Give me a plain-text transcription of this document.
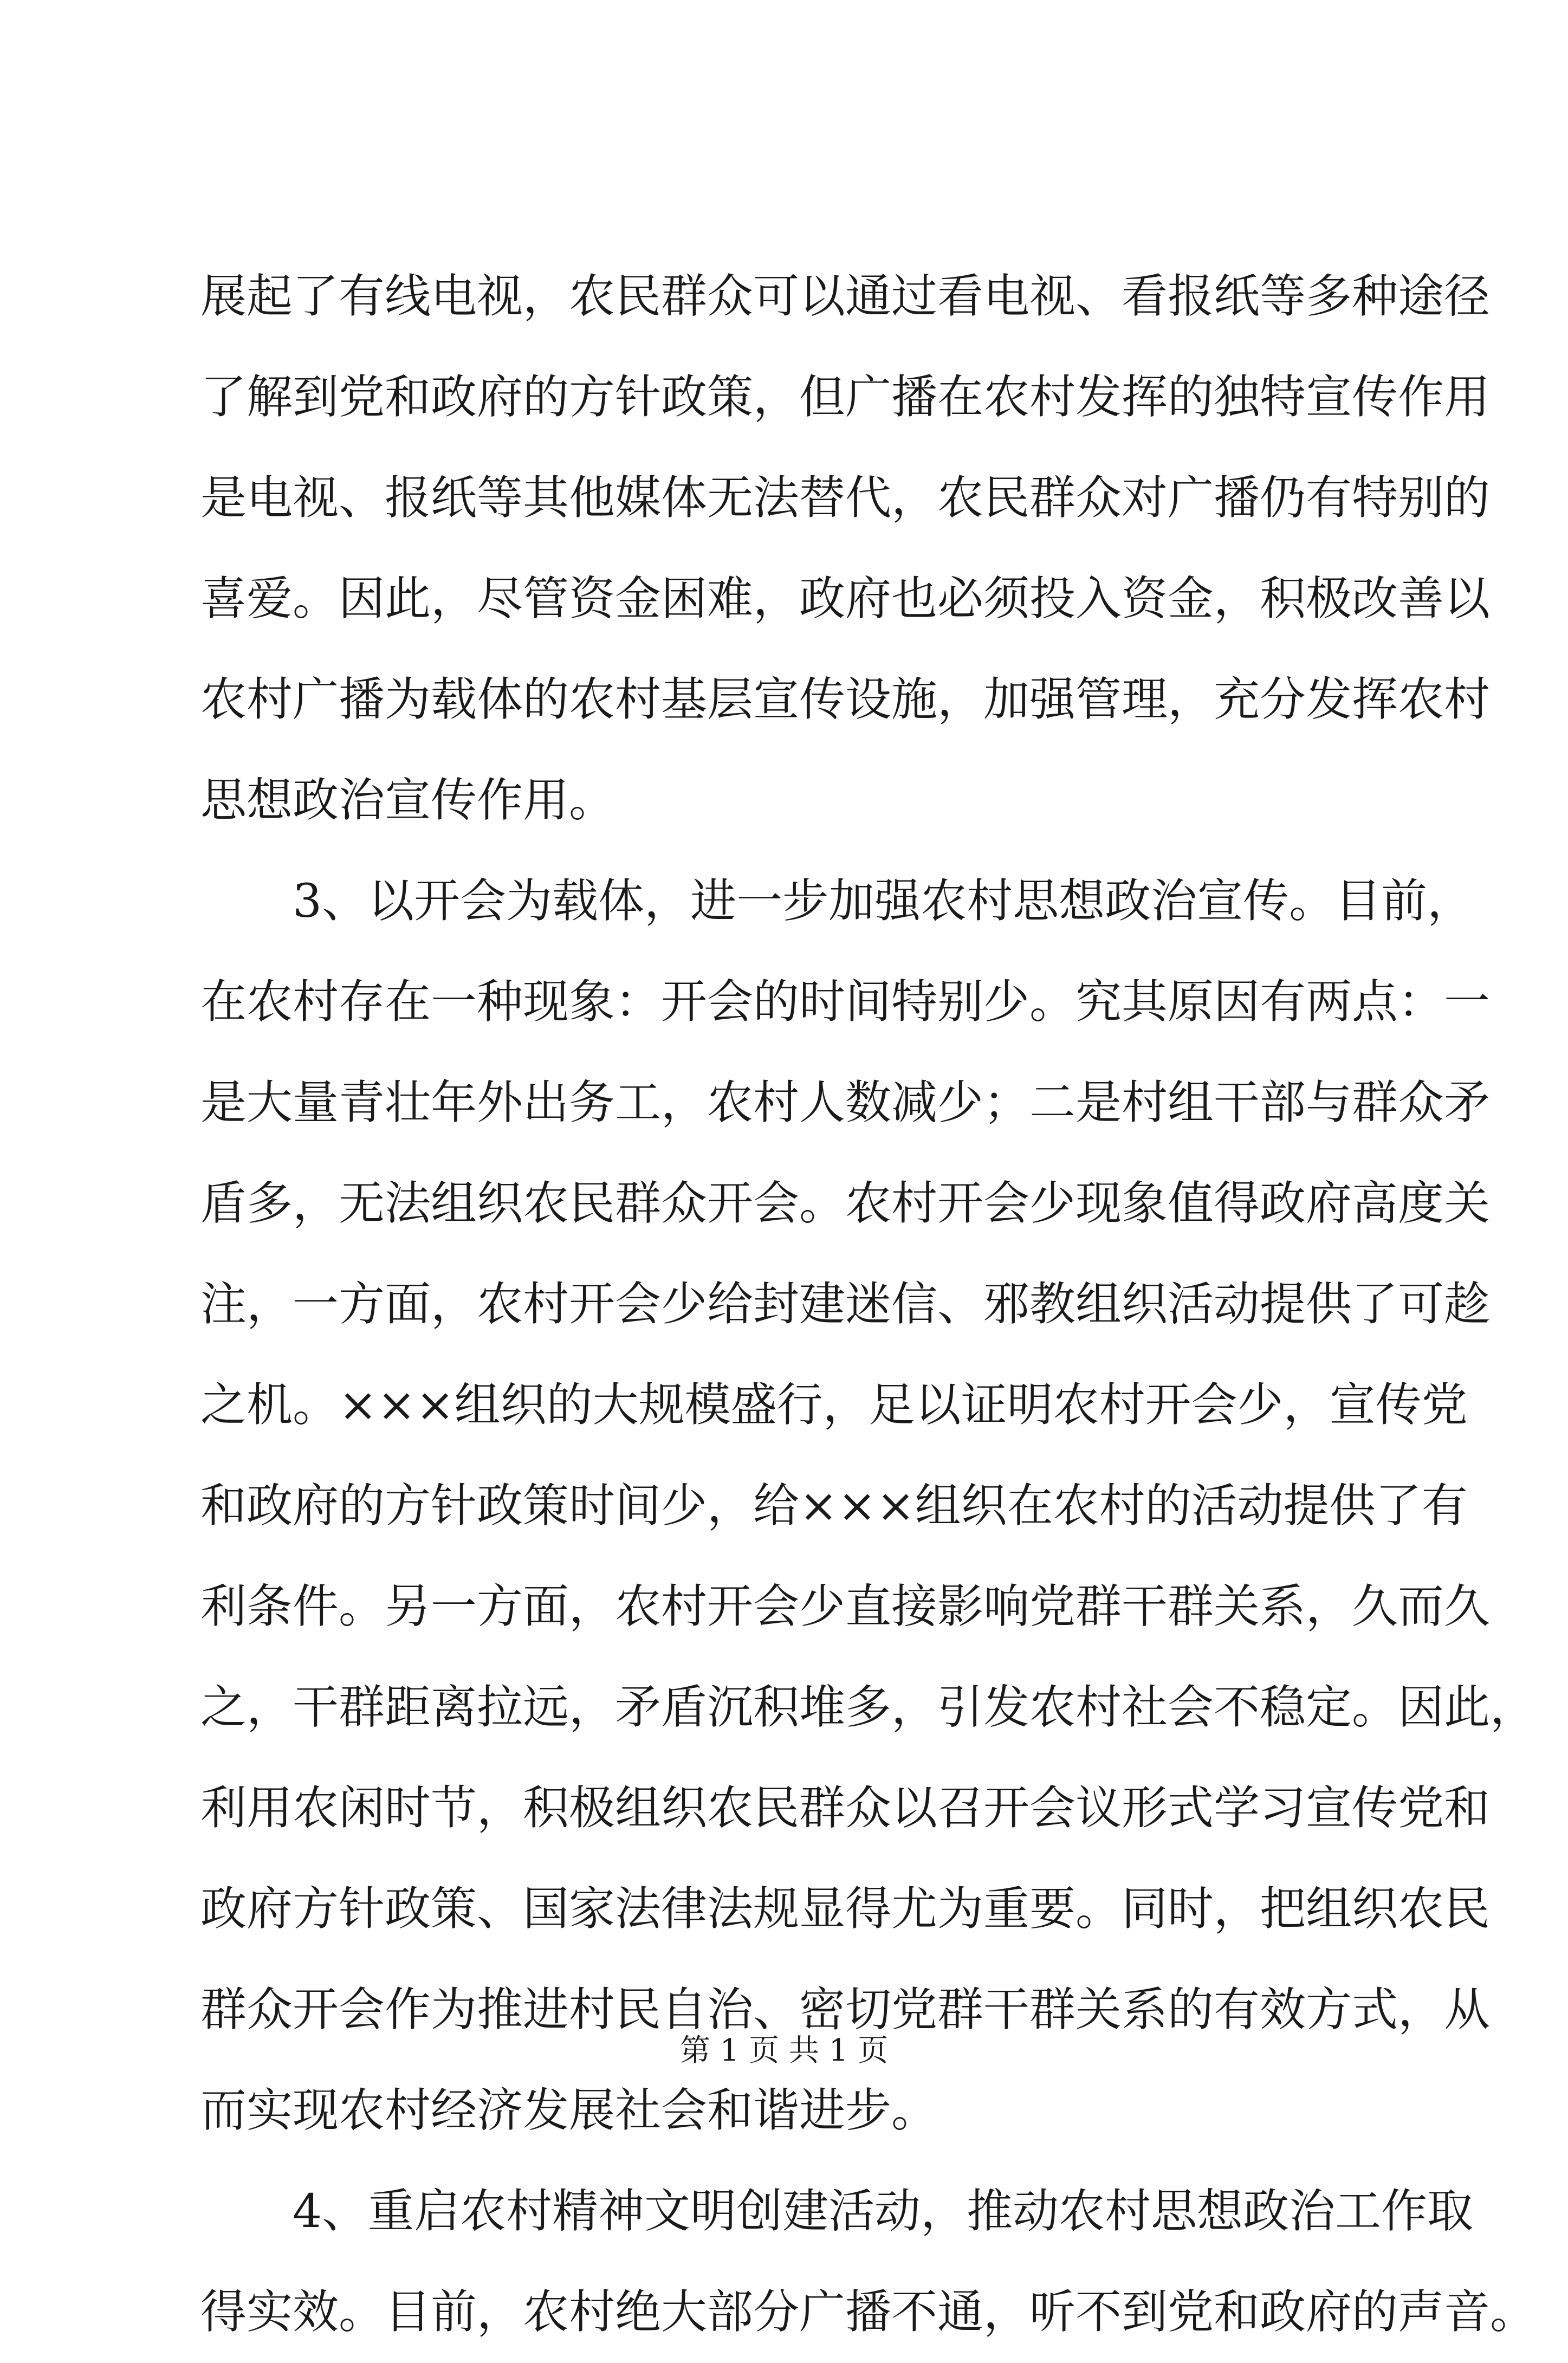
展起了有线电视，农民群众可以通过看电视、看报纸等多种途径
了解到党和政府的方针政策，但广播在农村发挥的独特宣传作用
是电视、报纸等其他媒体无法替代，农民群众对广播仍有特别的
喜爱。因此，尽管资金困难，政府也必须投入资金，积极改善以
农村广播为载体的农村基层宣传设施，加强管理，充分发挥农村
思想政治宣传作用。
3、以开会为载体，进一步加强农村思想政治宣传。目前，
在农村存在一种现象：开会的时间特别少。究其原因有两点：一
是大量青壮年外出务工，农村人数减少；二是村组干部与群众矛
盾多，无法组织农民群众开会。农村开会少现象值得政府高度关
注，一方面，农村开会少给封建迷信、邪教组织活动提供了可趁
之机。×××组织的大规模盛行，足以证明农村开会少，宣传党
和政府的方针政策时间少，给×××组织在农村的活动提供了有
利条件。另一方面，农村开会少直接影响党群干群关系，久而久
之，干群距离拉远，矛盾沉积堆多，引发农村社会不稳定。因此，
利用农闲时节，积极组织农民群众以召开会议形式学习宣传党和
政府方针政策、国家法律法规显得尤为重要。同时，把组织农民
群众开会作为推进村民自治、密切党群干群关系的有效方式，从
而实现农村经济发展社会和谐进步。
4、重启农村精神文明创建活动，推动农村思想政治工作取
得实效。目前，农村绝大部分广播不通，听不到党和政府的声音。
第 1 页 共 1 页
